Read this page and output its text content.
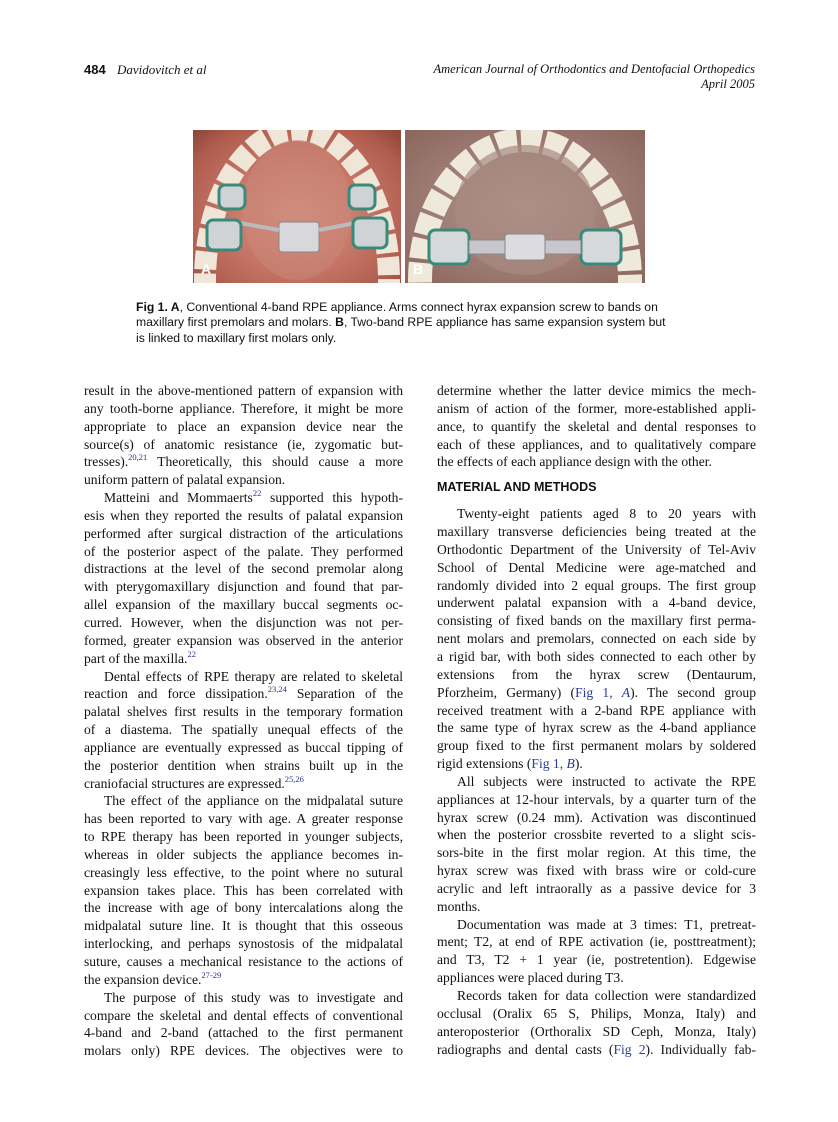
484 Davidovitch et al	American Journal of Orthodontics and Dentofacial Orthopedics
April 2005
A	B
Fig 1. A, Conventional 4-band RPE appliance. Arms connect hyrax expansion screw to bands on
maxillary first premolars and molars. B, Two-band RPE appliance has same expansion system but
is linked to maxillary first molars only.
result in the above-mentioned pattern of expansion with
any tooth-borne appliance. Therefore, it might be more
appropriate to place an expansion device near the
source(s) of anatomic resistance (ie, zygomatic but-
tresses).$^{20,21}$ Theoretically, this should cause a more
uniform pattern of palatal expansion.
Matteini and Mommaerts$^{22}$ supported this hypoth-
esis when they reported the results of palatal expansion
performed after surgical distraction of the articulations
of the posterior aspect of the palate. They performed
distractions at the level of the second premolar along
with pterygomaxillary disjunction and found that par-
allel expansion of the maxillary buccal segments oc-
curred. However, when the disjunction was not per-
formed, greater expansion was observed in the anterior
part of the maxilla.$^{22}$
Dental effects of RPE therapy are related to skeletal
reaction and force dissipation.$^{23,24}$ Separation of the
palatal shelves first results in the temporary formation
of a diastema. The spatially unequal effects of the
appliance are eventually expressed as buccal tipping of
the posterior dentition when strains built up in the
craniofacial structures are expressed.$^{25,26}$
The effect of the appliance on the midpalatal suture
has been reported to vary with age. A greater response
to RPE therapy has been reported in younger subjects,
whereas in older subjects the appliance becomes in-
creasingly less effective, to the point where no sutural
expansion takes place. This has been correlated with
the increase with age of bony intercalations along the
midpalatal suture line. It is thought that this osseous
interlocking, and perhaps synostosis of the midpalatal
suture, causes a mechanical resistance to the actions of
the expansion device.$^{27-29}$
The purpose of this study was to investigate and
compare the skeletal and dental effects of conventional
4-band and 2-band (attached to the first permanent
molars only) RPE devices. The objectives were to
determine whether the latter device mimics the mech-
anism of action of the former, more-established appli-
ance, to quantify the skeletal and dental responses to
each of these appliances, and to qualitatively compare
the effects of each appliance design with the other.
MATERIAL AND METHODS
Twenty-eight patients aged 8 to 20 years with
maxillary transverse deficiencies being treated at the
Orthodontic Department of the University of Tel-Aviv
School of Dental Medicine were age-matched and
randomly divided into 2 equal groups. The first group
underwent palatal expansion with a 4-band device,
consisting of fixed bands on the maxillary first perma-
nent molars and premolars, connected on each side by
a rigid bar, with both sides connected to each other by
extensions from the hyrax screw (Dentaurum,
Pforzheim, Germany) (Fig 1, A). The second group
received treatment with a 2-band RPE appliance with
the same type of hyrax screw as the 4-band appliance
group fixed to the first permanent molars by soldered
rigid extensions (Fig 1, B).
All subjects were instructed to activate the RPE
appliances at 12-hour intervals, by a quarter turn of the
hyrax screw (0.24 mm). Activation was discontinued
when the posterior crossbite reverted to a slight scis-
sors-bite in the first molar region. At this time, the
hyrax screw was fixed with brass wire or cold-cure
acrylic and left intraorally as a passive device for 3
months.
Documentation was made at 3 times: T1, pretreat-
ment; T2, at end of RPE activation (ie, posttreatment);
and T3, T2 + 1 year (ie, postretention). Edgewise
appliances were placed during T3.
Records taken for data collection were standardized
occlusal (Oralix 65 S, Philips, Monza, Italy) and
anteroposterior (Orthoralix SD Ceph, Monza, Italy)
radiographs and dental casts (Fig 2). Individually fab-
